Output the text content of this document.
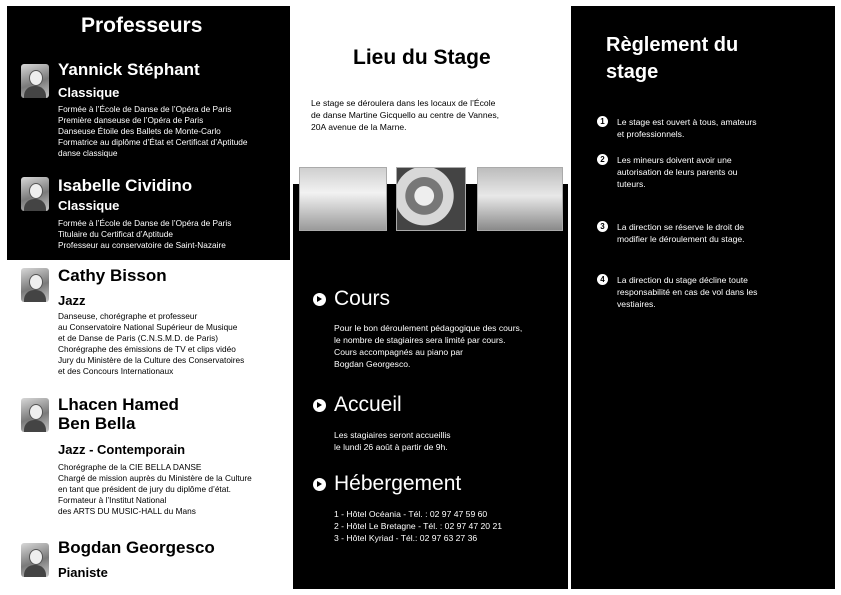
Professeurs
Yannick Stéphant
Classique
Formée à l’École de Danse de l’Opéra de Paris
Première danseuse de l’Opéra de Paris
Danseuse Étoile des Ballets de Monte-Carlo
Formatrice au diplôme d’État et Certificat d’Aptitude
danse classique
Isabelle Cividino
Classique
Formée à l’École de Danse de l’Opéra de Paris
Titulaire du Certificat d’Aptitude
Professeur au conservatoire de Saint-Nazaire
Cathy Bisson
Jazz
Danseuse, chorégraphe et professeur
au Conservatoire National Supérieur de Musique
et de Danse de Paris (C.N.S.M.D. de Paris)
Chorégraphe des émissions de TV et clips vidéo
Jury du Ministère de la Culture des Conservatoires
et des Concours Internationaux
Lhacen Hamed
Ben Bella
Jazz - Contemporain
Chorégraphe de la CIE BELLA DANSE
Chargé de mission auprès du Ministère de la Culture
en tant que président de jury du diplôme d’état.
Formateur à l’Institut National
des ARTS DU MUSIC-HALL du Mans
Bogdan Georgesco
Pianiste
Lieu du Stage
Le stage se déroulera dans les locaux de l’École
de danse Martine Gicquello au centre de Vannes,
20A avenue de la Marne.
Cours
Pour le bon déroulement pédagogique des cours,
le nombre de stagiaires sera limité par cours.
Cours accompagnés au piano par
Bogdan Georgesco.
Accueil
Les stagiaires seront accueillis
le lundi 26 août à partir de 9h.
Hébergement
1 - Hôtel Océania - Tél. : 02 97 47 59 60
2 - Hôtel Le Bretagne - Tél. : 02 97 47 20 21
3 - Hôtel Kyriad - Tél.: 02 97 63 27 36
Règlement du
stage
1	Le stage est ouvert à tous, amateurs
et professionnels.
2	Les mineurs doivent avoir une
autorisation de leurs parents ou
tuteurs.
3	La direction se réserve le droit de
modifier le déroulement du stage.
4	La direction du stage décline toute
responsabilité en cas de vol dans les
vestiaires.
